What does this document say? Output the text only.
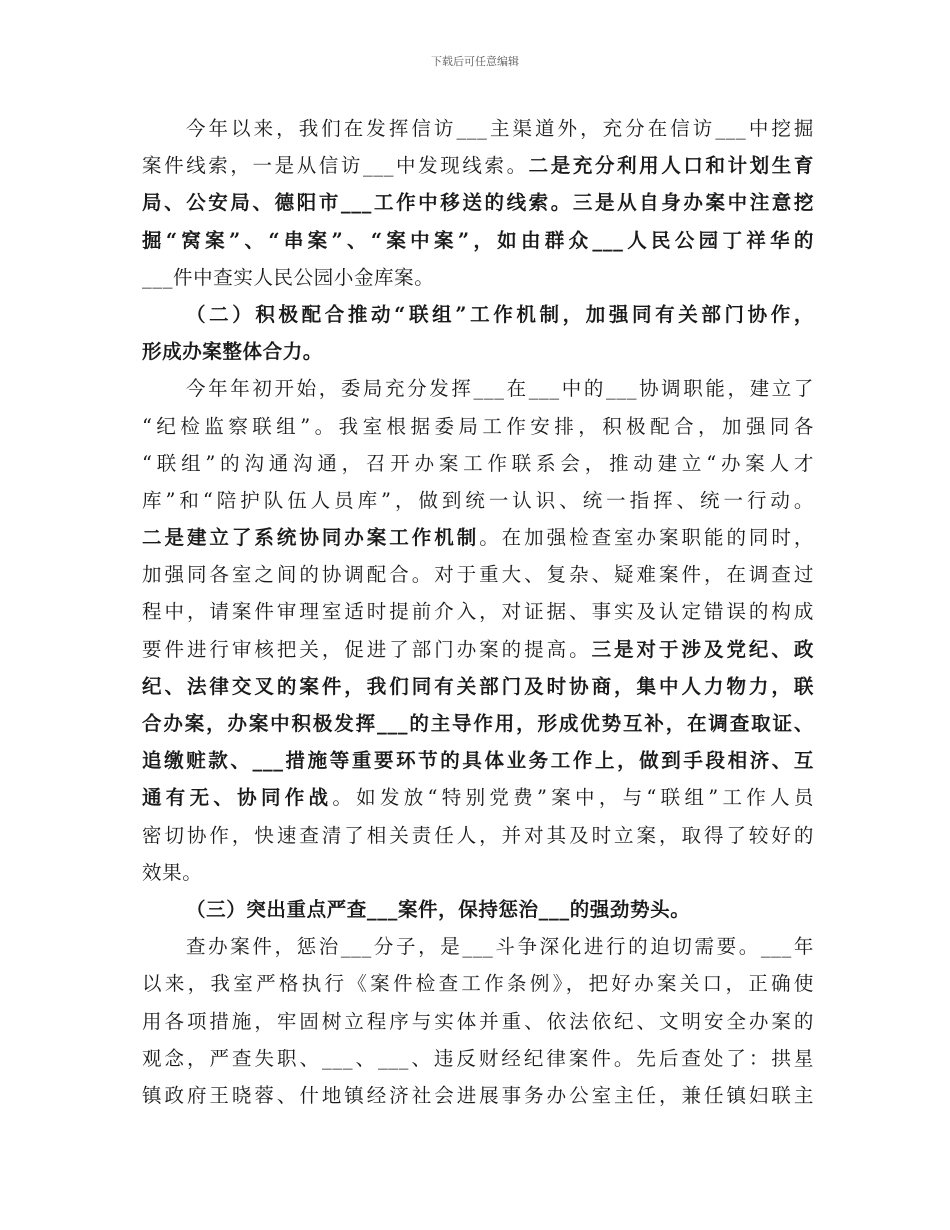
下载后可任意编辑
今年以来，我们在发挥信访___主渠道外，充分在信访___中挖掘
案件线索，一是从信访___中发现线索。二是充分利用人口和计划生育
局、公安局、德阳市___工作中移送的线索。三是从自身办案中注意挖
掘“窝案”、“串案”、“案中案”，如由群众___人民公园丁祥华的
___件中查实人民公园小金库案。
（二）积极配合推动“联组”工作机制，加强同有关部门协作，
形成办案整体合力。
今年年初开始，委局充分发挥___在___中的___协调职能，建立了
“纪检监察联组”。我室根据委局工作安排，积极配合，加强同各
“联组”的沟通沟通，召开办案工作联系会，推动建立“办案人才
库”和“陪护队伍人员库”，做到统一认识、统一指挥、统一行动。
二是建立了系统协同办案工作机制。在加强检查室办案职能的同时，
加强同各室之间的协调配合。对于重大、复杂、疑难案件，在调查过
程中，请案件审理室适时提前介入，对证据、事实及认定错误的构成
要件进行审核把关，促进了部门办案的提高。三是对于涉及党纪、政
纪、法律交叉的案件，我们同有关部门及时协商，集中人力物力，联
合办案，办案中积极发挥___的主导作用，形成优势互补，在调查取证、
追缴赃款、___措施等重要环节的具体业务工作上，做到手段相济、互
通有无、协同作战。如发放“特别党费”案中，与“联组”工作人员
密切协作，快速查清了相关责任人，并对其及时立案，取得了较好的
效果。
（三）突出重点严查___案件，保持惩治___的强劲势头。
查办案件，惩治___分子，是___斗争深化进行的迫切需要。___年
以来，我室严格执行《案件检查工作条例》，把好办案关口，正确使
用各项措施，牢固树立程序与实体并重、依法依纪、文明安全办案的
观念，严查失职、___、___、违反财经纪律案件。先后查处了：拱星
镇政府王晓蓉、什地镇经济社会进展事务办公室主任，兼任镇妇联主
